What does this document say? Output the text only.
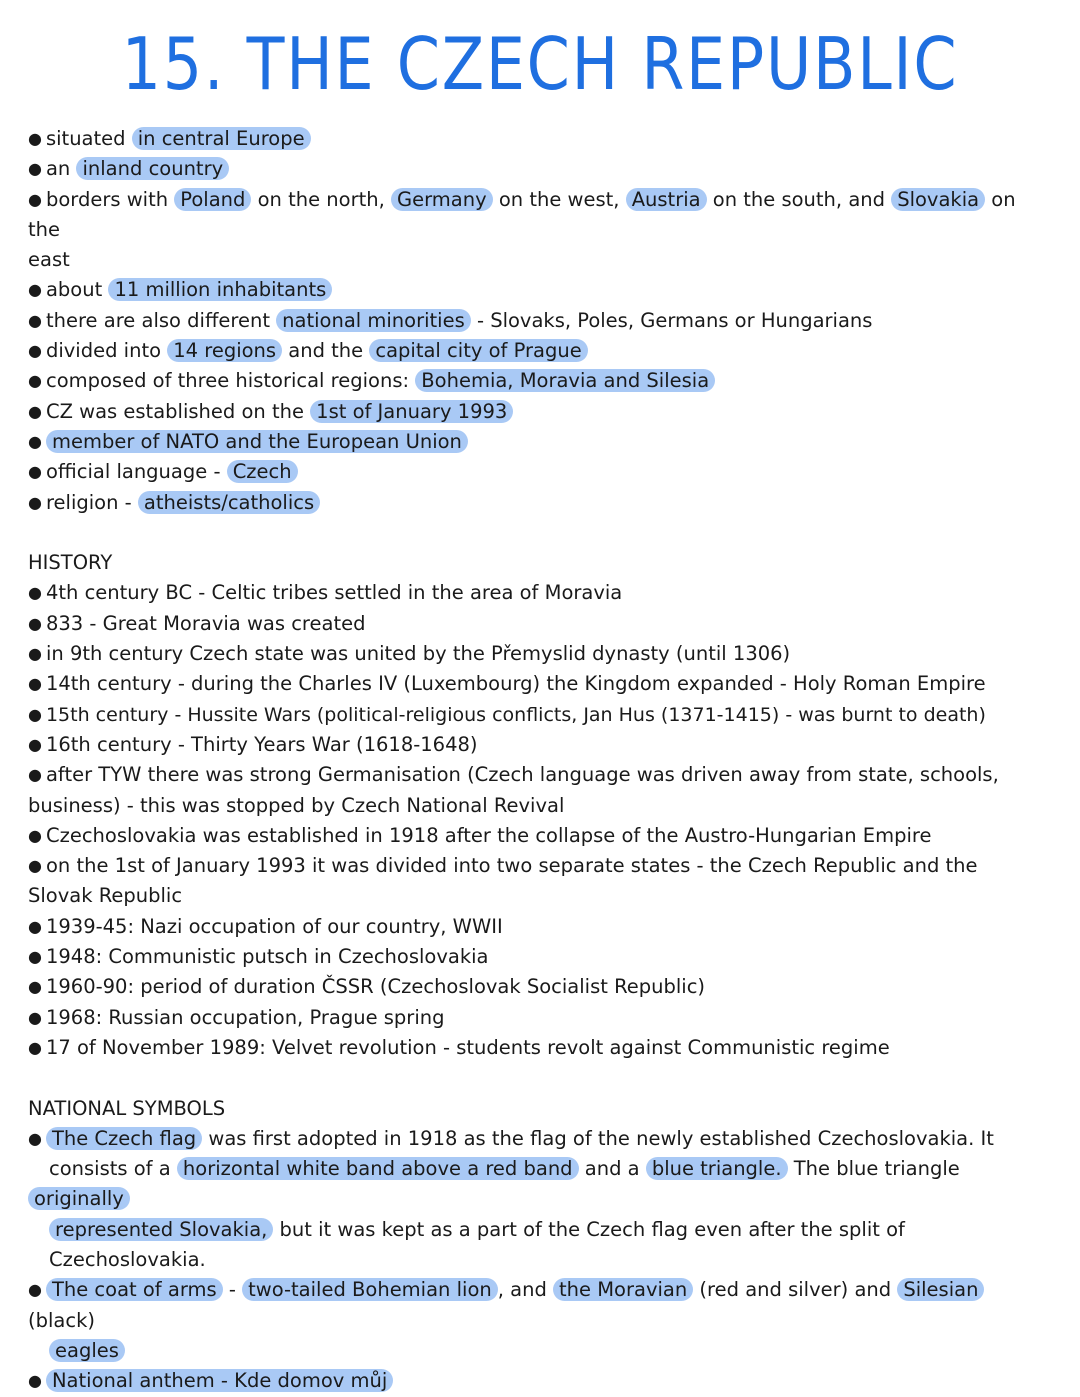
15. THE CZECH REPUBLIC

● situated in central Europe

● an inland country

● borders with Poland on the north, Germany on the west, Austria on the south, and Slovakia on the
east

● about 11 million inhabitants

● there are also different national minorities - Slovaks, Poles, Germans or Hungarians

● divided into 14 regions and the capital city of Prague

● composed of three historical regions: Bohemia, Moravia and Silesia

● CZ was established on the 1st of January 1993

● member of NATO and the European Union

● official language - Czech

● religion - atheists/catholics

HISTORY

● 4th century BC - Celtic tribes settled in the area of Moravia

● 833 - Great Moravia was created

● in 9th century Czech state was united by the Přemyslid dynasty (until 1306)

● 14th century - during the Charles IV (Luxembourg) the Kingdom expanded - Holy Roman Empire

● 15th century - Hussite Wars (political-religious conflicts, Jan Hus (1371-1415) - was burnt to death)

● 16th century - Thirty Years War (1618-1648)

● after TYW there was strong Germanisation (Czech language was driven away from state, schools,
business) - this was stopped by Czech National Revival

● Czechoslovakia was established in 1918 after the collapse of the Austro-Hungarian Empire

● on the 1st of January 1993 it was divided into two separate states - the Czech Republic and the
Slovak Republic

● 1939-45: Nazi occupation of our country, WWII

● 1948: Communistic putsch in Czechoslovakia

● 1960-90: period of duration ČSSR (Czechoslovak Socialist Republic)

● 1968: Russian occupation, Prague spring

● 17 of November 1989: Velvet revolution - students revolt against Communistic regime

NATIONAL SYMBOLS

● The Czech flag was first adopted in 1918 as the flag of the newly established Czechoslovakia. It
consists of a horizontal white band above a red band and a blue triangle. The blue triangle originally
represented Slovakia, but it was kept as a part of the Czech flag even after the split of
Czechoslovakia.

● The coat of arms - two-tailed Bohemian lion , and the Moravian (red and silver) and Silesian (black)
eagles

● National anthem - Kde domov můj
